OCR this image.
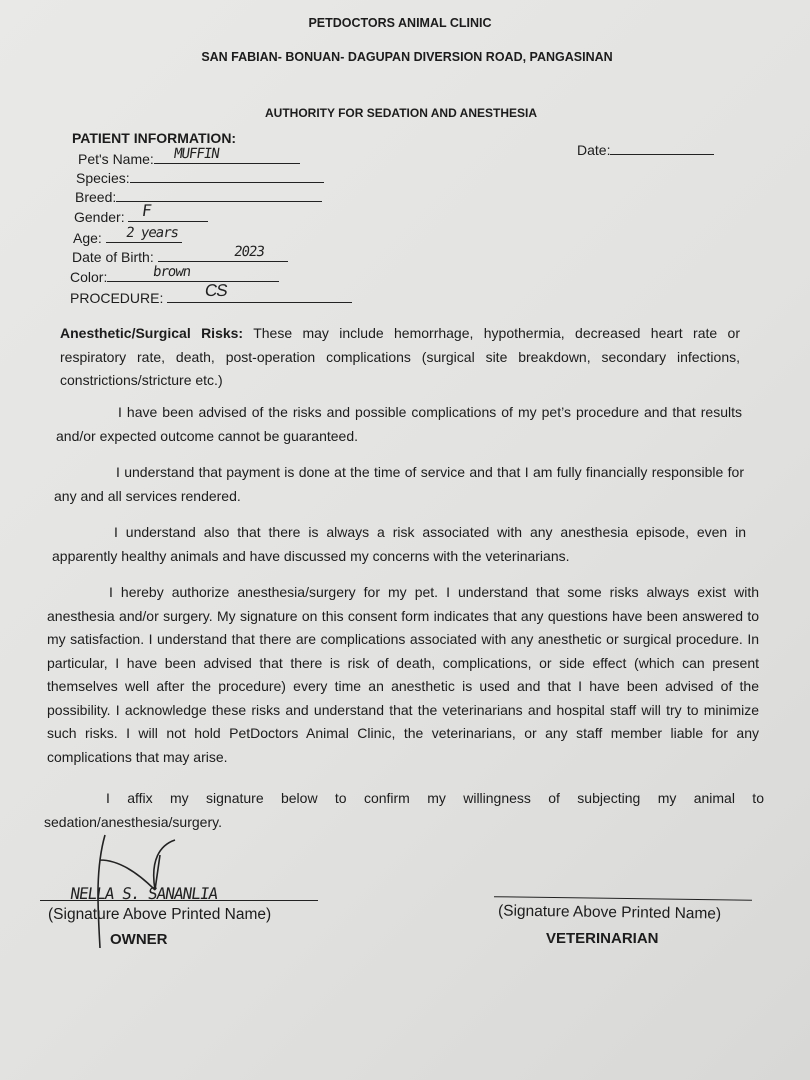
PETDOCTORS ANIMAL CLINIC
SAN FABIAN- BONUAN- DAGUPAN DIVERSION ROAD, PANGASINAN
AUTHORITY FOR SEDATION AND ANESTHESIA
PATIENT INFORMATION:
Date:
Pet's Name: MUFFIN
Species:
Breed:
Gender: F
Age: 2 years
Date of Birth:	2023
Color:	brown
PROCEDURE: CS
Anesthetic/Surgical Risks: These may include hemorrhage, hypothermia, decreased heart rate or respiratory rate, death, post-operation complications (surgical site breakdown, secondary infections, constrictions/stricture etc.)
I have been advised of the risks and possible complications of my pet’s procedure and that results and/or expected outcome cannot be guaranteed.
I understand that payment is done at the time of service and that I am fully financially responsible for any and all services rendered.
I understand also that there is always a risk associated with any anesthesia episode, even in apparently healthy animals and have discussed my concerns with the veterinarians.
I hereby authorize anesthesia/surgery for my pet. I understand that some risks always exist with anesthesia and/or surgery. My signature on this consent form indicates that any questions have been answered to my satisfaction. I understand that there are complications associated with any anesthetic or surgical procedure. In particular, I have been advised that there is risk of death, complications, or side effect (which can present themselves well after the procedure) every time an anesthetic is used and that I have been advised of the possibility. I acknowledge these risks and understand that the veterinarians and hospital staff will try to minimize such risks. I will not hold PetDoctors Animal Clinic, the veterinarians, or any staff member liable for any complications that may arise.
I affix my signature below to confirm my willingness of subjecting my animal to sedation/anesthesia/surgery.
NELLA S. SANANLIA
(Signature Above Printed Name)
OWNER
(Signature Above Printed Name)
VETERINARIAN
